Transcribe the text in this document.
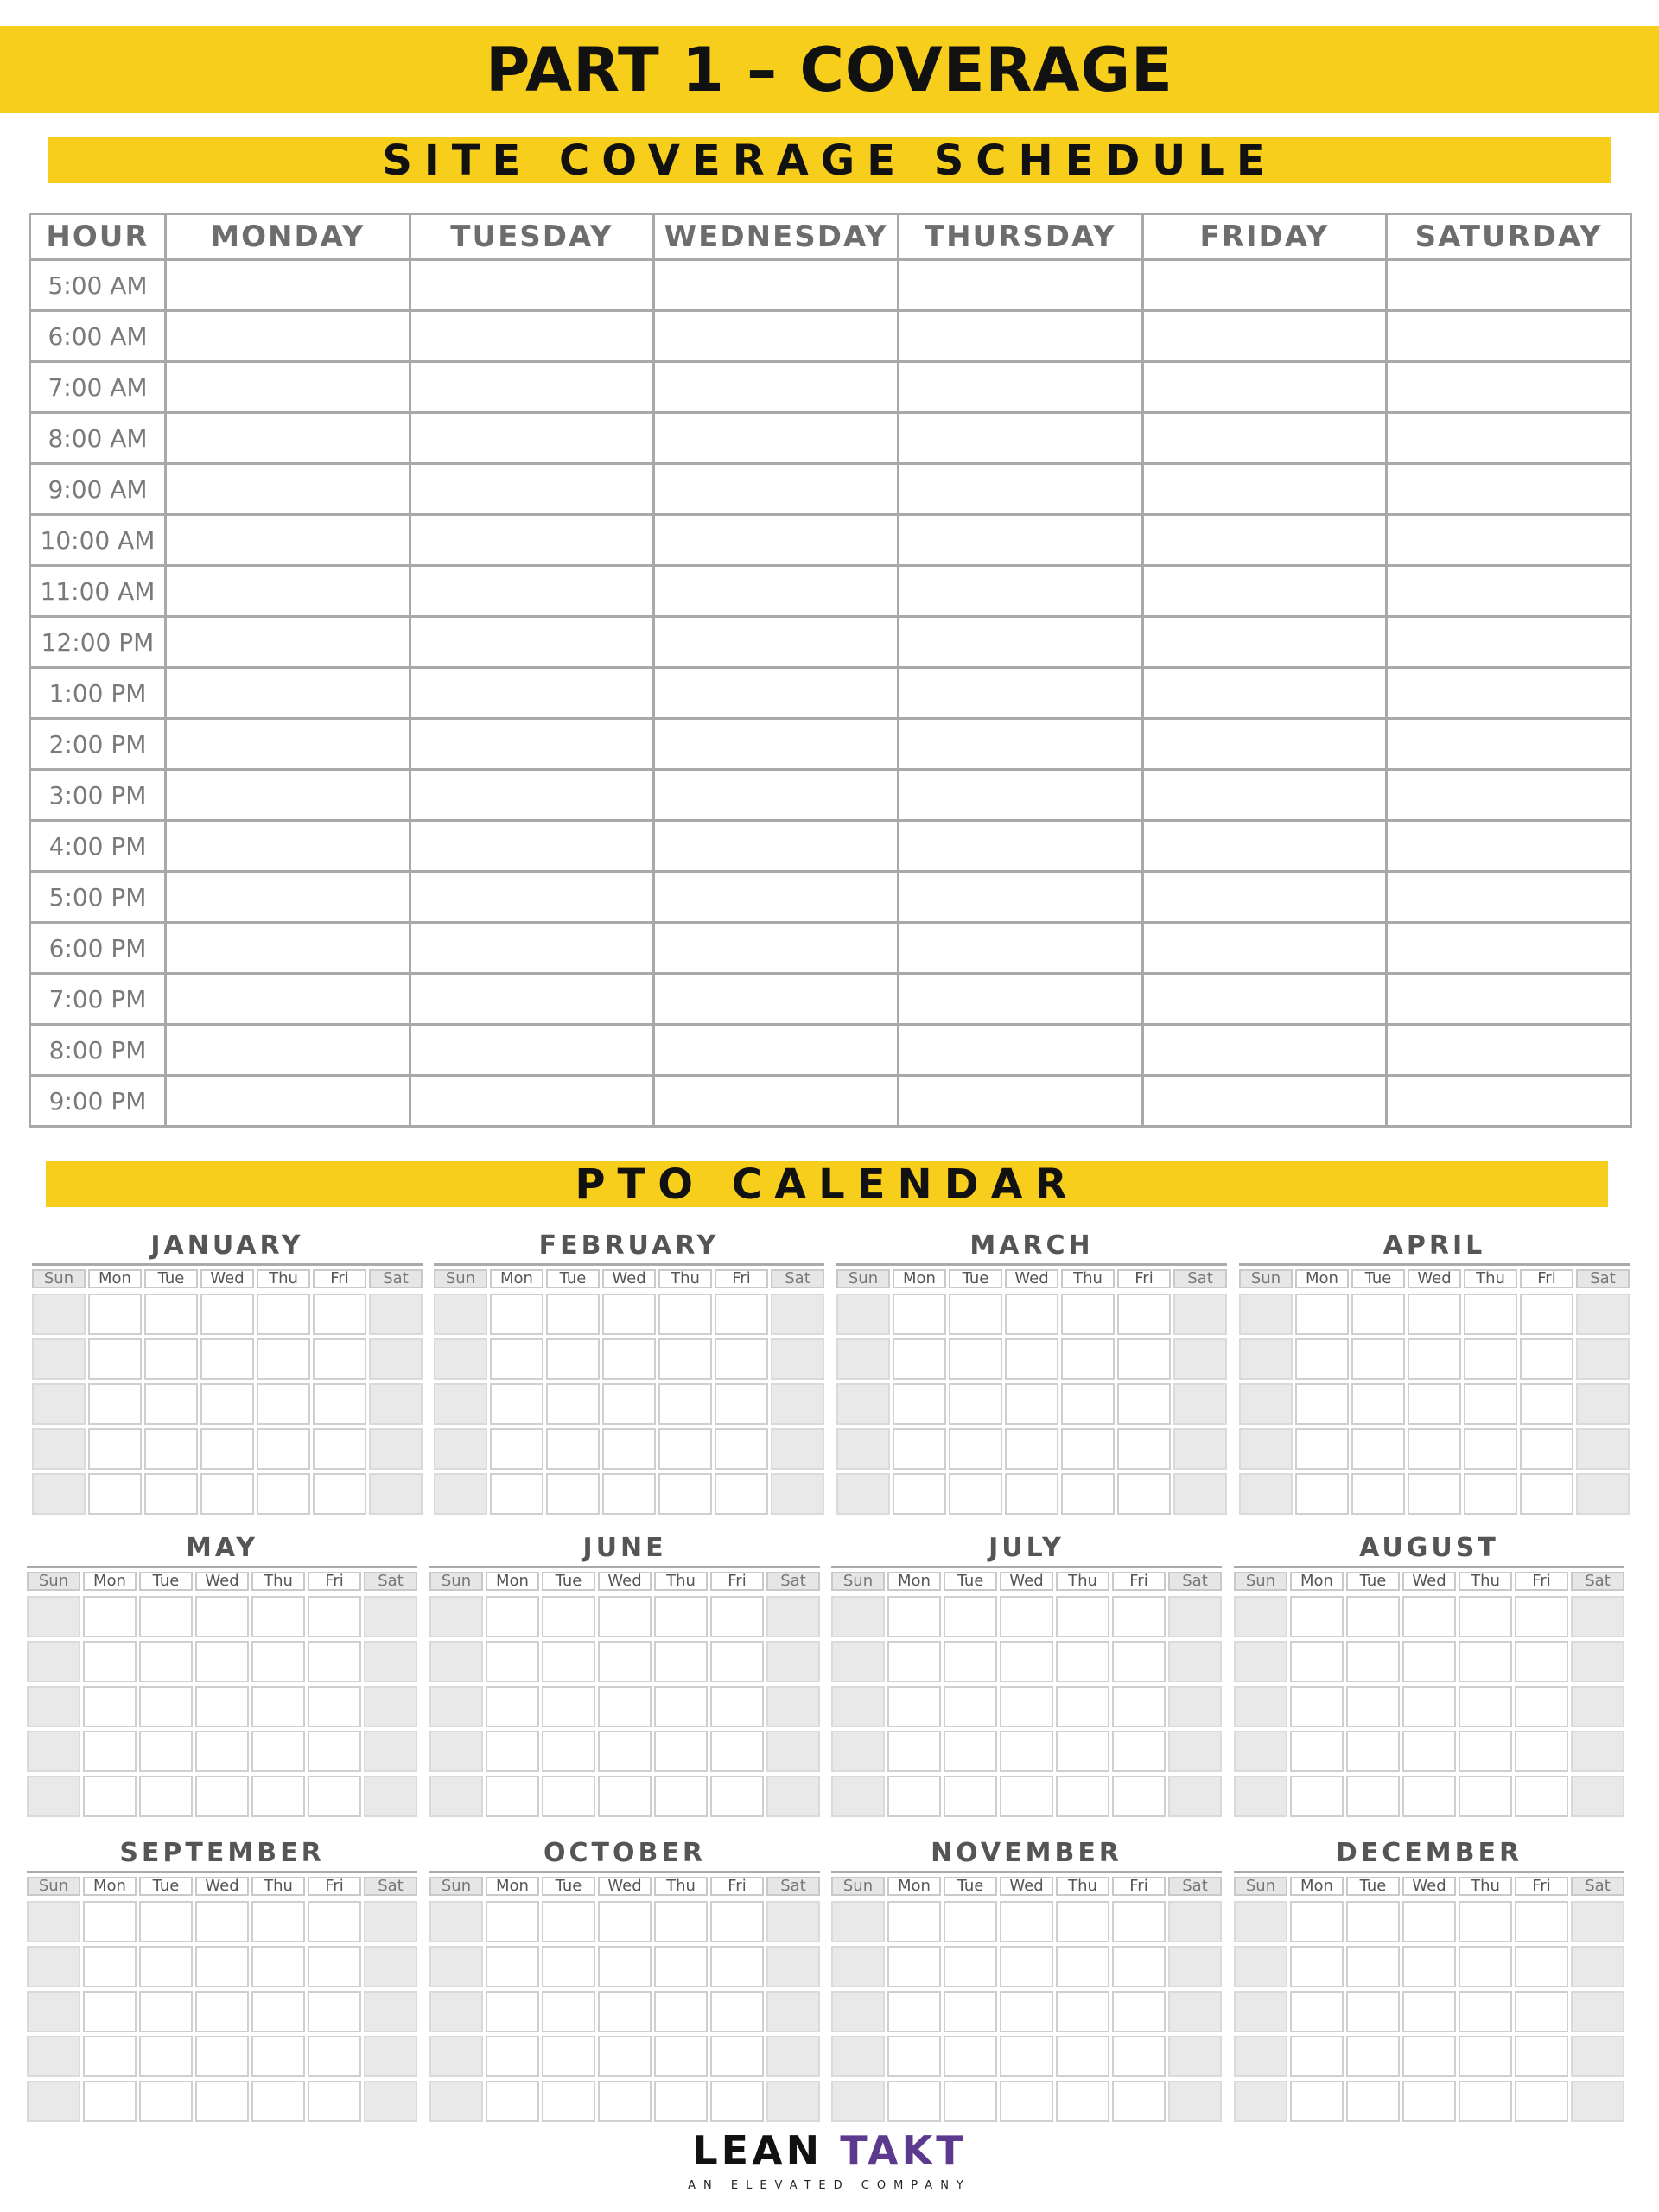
PART 1 – COVERAGE
SITE COVERAGE SCHEDULE
HOUR	MONDAY	TUESDAY	WEDNESDAY	THURSDAY	FRIDAY	SATURDAY
5:00 AM						
6:00 AM						
7:00 AM						
8:00 AM						
9:00 AM						
10:00 AM						
11:00 AM						
12:00 PM						
1:00 PM						
2:00 PM						
3:00 PM						
4:00 PM						
5:00 PM						
6:00 PM						
7:00 PM						
8:00 PM						
9:00 PM						
PTO CALENDAR
JANUARY
Sun	Mon	Tue	Wed	Thu	Fri	Sat
FEBRUARY
Sun	Mon	Tue	Wed	Thu	Fri	Sat
MARCH
Sun	Mon	Tue	Wed	Thu	Fri	Sat
APRIL
Sun	Mon	Tue	Wed	Thu	Fri	Sat
MAY
Sun	Mon	Tue	Wed	Thu	Fri	Sat
JUNE
Sun	Mon	Tue	Wed	Thu	Fri	Sat
JULY
Sun	Mon	Tue	Wed	Thu	Fri	Sat
AUGUST
Sun	Mon	Tue	Wed	Thu	Fri	Sat
SEPTEMBER
Sun	Mon	Tue	Wed	Thu	Fri	Sat
OCTOBER
Sun	Mon	Tue	Wed	Thu	Fri	Sat
NOVEMBER
Sun	Mon	Tue	Wed	Thu	Fri	Sat
DECEMBER
Sun	Mon	Tue	Wed	Thu	Fri	Sat
LEAN TAKT
AN ELEVATED COMPANY
